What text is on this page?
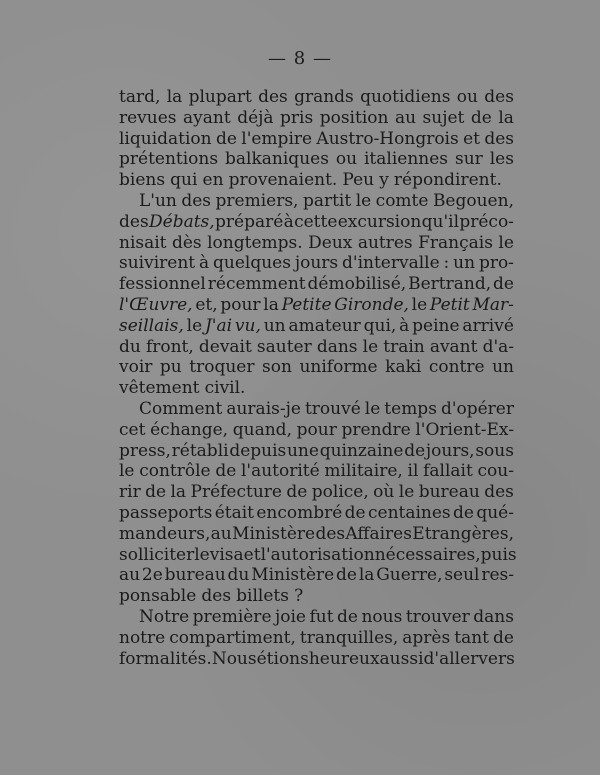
— 8 —
tard, la plupart des grands quotidiens ou des
revues ayant déjà pris position au sujet de la
liquidation de l'empire Austro-Hongrois et des
prétentions balkaniques ou italiennes sur les
biens qui en provenaient. Peu y répondirent.
L'un des premiers, partit le comte Begouen,
des Débats, préparé à cette excursion qu'il préco-
nisait dès longtemps. Deux autres Français le
suivirent à quelques jours d'intervalle : un pro-
fessionnel récemment démobilisé, Bertrand, de
l'Œuvre, et, pour la Petite Gironde, le Petit Mar-
seillais, le J'ai vu, un amateur qui, à peine arrivé
du front, devait sauter dans le train avant d'a-
voir pu troquer son uniforme kaki contre un
vêtement civil.
Comment aurais-je trouvé le temps d'opérer
cet échange, quand, pour prendre l'Orient-Ex-
press, rétabli depuis une quinzaine de jours, sous
le contrôle de l'autorité militaire, il fallait cou-
rir de la Préfecture de police, où le bureau des
passeports était encombré de centaines de qué-
mandeurs, au Ministère des Affaires Etrangères,
solliciter le visa et l'autorisation nécessaires, puis
au 2e bureau du Ministère de la Guerre, seul res-
ponsable des billets ?
Notre première joie fut de nous trouver dans
notre compartiment, tranquilles, après tant de
formalités. Nous étions heureux aussi d'aller vers
